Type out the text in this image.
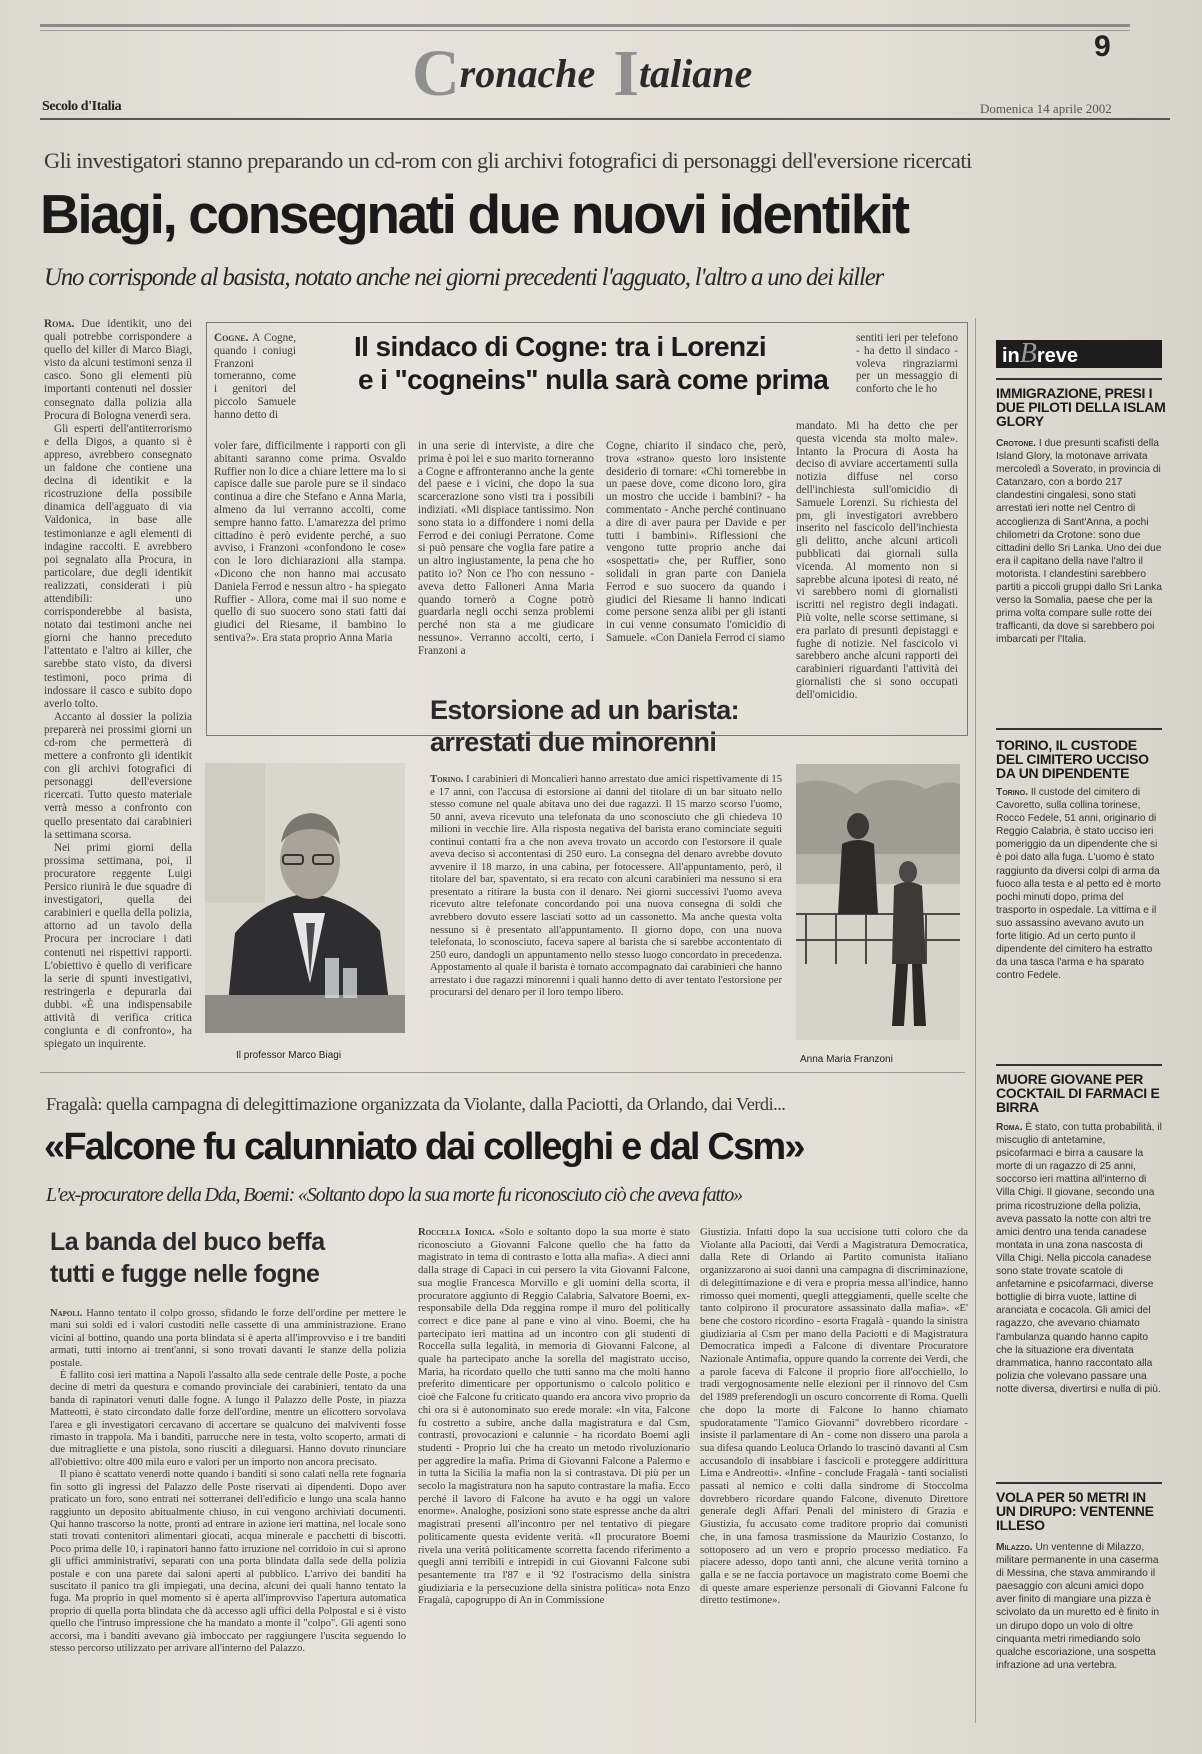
Cronache Italiane
9
Secolo d'Italia	Domenica 14 aprile 2002
Gli investigatori stanno preparando un cd-rom con gli archivi fotografici di personaggi dell'eversione ricercati
Biagi, consegnati due nuovi identikit
Uno corrisponde al basista, notato anche nei giorni precedenti l'agguato, l'altro a uno dei killer

Roma. Due identikit, uno dei quali potrebbe corrispondere a quello del killer di Marco Biagi, visto da alcuni testimoni senza il casco. Sono gli elementi più importanti contenuti nel dossier consegnato dalla polizia alla Procura di Bologna venerdì sera.

Gli esperti dell'antiterrorismo e della Digos, a quanto si è appreso, avrebbero consegnato un faldone che contiene una decina di identikit e la ricostruzione della possibile dinamica dell'agguato di via Valdonica, in base alle testimonianze e agli elementi di indagine raccolti. E avrebbero poi segnalato alla Procura, in particolare, due degli identikit realizzati, considerati i più attendibili: uno corrisponderebbe al basista, notato dai testimoni anche nei giorni che hanno preceduto l'attentato e l'altro ai killer, che sarebbe stato visto, da diversi testimoni, poco prima di indossare il casco e subito dopo averlo tolto.

Accanto al dossier la polizia preparerà nei prossimi giorni un cd-rom che permetterà di mettere a confronto gli identikit con gli archivi fotografici di personaggi dell'eversione ricercati. Tutto questo materiale verrà messo a confronto con quello presentato dai carabinieri la settimana scorsa.

Nei primi giorni della prossima settimana, poi, il procuratore reggente Luigi Persico riunirà le due squadre di investigatori, quella dei carabinieri e quella della polizia, attorno ad un tavolo della Procura per incrociare i dati contenuti nei rispettivi rapporti. L'obiettivo è quello di verificare la serie di spunti investigativi, restringerla e depurarla dai dubbi. «È una indispensabile attività di verifica critica congiunta e di confronto», ha spiegato un inquirente.

Il professor Marco Biagi

Cogne. A Cogne, quando i coniugi Franzoni torneranno, come i genitori del piccolo Samuele hanno detto di

Il sindaco di Cogne: tra i Lorenzi
e i "cogneins" nulla sarà come prima

sentiti ieri per telefono - ha detto il sindaco - voleva ringraziarmi per un messaggio di conforto che le ho

voler fare, difficilmente i rapporti con gli abitanti saranno come prima. Osvaldo Ruffier non lo dice a chiare lettere ma lo si capisce dalle sue parole pure se il sindaco continua a dire che Stefano e Anna Maria, almeno da lui verranno accolti, come sempre hanno fatto. L'amarezza del primo cittadino è però evidente perché, a suo avviso, i Franzoni «confondono le cose» con le loro dichiarazioni alla stampa. «Dicono che non hanno mai accusato Daniela Ferrod e nessun altro - ha spiegato Ruffier - Allora, come mai il suo nome e quello di suo suocero sono stati fatti dai giudici del Riesame, il bambino lo sentiva?». Era stata proprio Anna Maria

in una serie di interviste, a dire che prima è poi lei e suo marito torneranno a Cogne e affronteranno anche la gente del paese e i vicini, che dopo la sua scarcerazione sono visti tra i possibili indiziati. «Mi dispiace tantissimo. Non sono stata io a diffondere i nomi della Ferrod e dei coniugi Perratone. Come si può pensare che voglia fare patire a un altro ingiustamente, la pena che ho patito io? Non ce l'ho con nessuno - aveva detto Falloneri Anna Maria quando tornerò a Cogne potrò guardarla negli occhi senza problemi perché non sta a me giudicare nessuno». Verranno accolti, certo, i Franzoni a

Cogne, chiarito il sindaco che, però, trova «strano» questo loro insistente desiderio di tornare: «Chi tornerebbe in un paese dove, come dicono loro, gira un mostro che uccide i bambini? - ha commentato - Anche perché continuano a dire di aver paura per Davide e per tutti i bambini». Riflessioni che vengono tutte proprio anche dai «sospettati» che, per Ruffier, sono solidali in gran parte con Daniela Ferrod e suo suocero da quando i giudici del Riesame li hanno indicati come persone senza alibi per gli istanti in cui venne consumato l'omicidio di Samuele. «Con Daniela Ferrod ci siamo

mandato. Mi ha detto che per questa vicenda sta molto male». Intanto la Procura di Aosta ha deciso di avviare accertamenti sulla notizia diffuse nel corso dell'inchiesta sull'omicidio di Samuele Lorenzi. Su richiesta del pm, gli investigatori avrebbero inserito nel fascicolo dell'inchiesta gli delitto, anche alcuni articoli pubblicati dai giornali sulla vicenda. Al momento non si saprebbe alcuna ipotesi di reato, né vi sarebbero nomi di giornalisti iscritti nel registro degli indagati. Più volte, nelle scorse settimane, si era parlato di presunti depistaggi e fughe di notizie. Nel fascicolo vi sarebbero anche alcuni rapporti dei carabinieri riguardanti l'attività dei giornalisti che si sono occupati dell'omicidio.

Estorsione ad un barista:
arrestati due minorenni

Torino. I carabinieri di Moncalieri hanno arrestato due amici rispettivamente di 15 e 17 anni, con l'accusa di estorsione ai danni del titolare di un bar situato nello stesso comune nel quale abitava uno dei due ragazzi. Il 15 marzo scorso l'uomo, 50 anni, aveva ricevuto una telefonata da uno sconosciuto che gli chiedeva 10 milioni in vecchie lire. Alla risposta negativa del barista erano cominciate seguiti continui contatti fra a che non aveva trovato un accordo con l'estorsore il quale aveva deciso si accontentasi di 250 euro. La consegna del denaro avrebbe dovuto avvenire il 18 marzo, in una cabina, per fotocessere. All'appuntamento, però, il titolare del bar, spaventato, si era recato con alcuni carabinieri ma nessuno si era presentato a ritirare la busta con il denaro. Nei giorni successivi l'uomo aveva ricevuto altre telefonate concordando poi una nuova consegna di soldi che avrebbero dovuto essere lasciati sotto ad un cassonetto. Ma anche questa volta nessuno si è presentato all'appuntamento. Il giorno dopo, con una nuova telefonata, lo sconosciuto, faceva sapere al barista che si sarebbe accontentato di 250 euro, dandogli un appuntamento nello stesso luogo concordato in precedenza. Appostamento al quale il barista è tornato accompagnato dai carabinieri che hanno arrestato i due ragazzi minorenni i quali hanno detto di aver tentato l'estorsione per procurarsi del denaro per il loro tempo libero.

Anna Maria Franzoni
inBreve
IMMIGRAZIONE, PRESI I DUE PILOTI DELLA ISLAM GLORY
Crotone. I due presunti scafisti della Island Glory, la motonave arrivata mercoledì a Soverato, in provincia di Catanzaro, con a bordo 217 clandestini cingalesi, sono stati arrestati ieri notte nel Centro di accoglienza di Sant'Anna, a pochi chilometri da Crotone: sono due cittadini dello Sri Lanka. Uno dei due era il capitano della nave l'altro il motorista. I clandestini sarebbero partiti a piccoli gruppi dallo Sri Lanka verso la Somalia, paese che per la prima volta compare sulle rotte dei trafficanti, da dove si sarebbero poi imbarcati per l'Italia.
TORINO, IL CUSTODE DEL CIMITERO UCCISO DA UN DIPENDENTE
Torino. Il custode del cimitero di Cavoretto, sulla collina torinese, Rocco Fedele, 51 anni, originario di Reggio Calabria, è stato ucciso ieri pomeriggio da un dipendente che si è poi dato alla fuga. L'uomo è stato raggiunto da diversi colpi di arma da fuoco alla testa e al petto ed è morto pochi minuti dopo, prima del trasporto in ospedale. La vittima e il suo assassino avevano avuto un forte litigio. Ad un certo punto il dipendente del cimitero ha estratto da una tasca l'arma e ha sparato contro Fedele.
MUORE GIOVANE PER COCKTAIL DI FARMACI E BIRRA
Roma. È stato, con tutta probabilità, il miscuglio di antetamine, psicofarmaci e birra a causare la morte di un ragazzo di 25 anni, soccorso ieri mattina all'interno di Villa Chigi. Il giovane, secondo una prima ricostruzione della polizia, aveva passato la notte con altri tre amici dentro una tenda canadese montata in una zona nascosta di Villa Chigi. Nella piccola canadese sono state trovate scatole di anfetamine e psicofarmaci, diverse bottiglie di birra vuote, lattine di aranciata e cocacola. Gli amici del ragazzo, che avevano chiamato l'ambulanza quando hanno capito che la situazione era diventata drammatica, hanno raccontato alla polizia che volevano passare una notte diversa, divertirsi e nulla di più.
VOLA PER 50 METRI IN UN DIRUPO: VENTENNE ILLESO
Milazzo. Un ventenne di Milazzo, militare permanente in una caserma di Messina, che stava ammirando il paesaggio con alcuni amici dopo aver finito di mangiare una pizza è scivolato da un muretto ed è finito in un dirupo dopo un volo di oltre cinquanta metri rimediando solo qualche escoriazione, una sospetta infrazione ad una vertebra.
Fragalà: quella campagna di delegittimazione organizzata da Violante, dalla Paciotti, da Orlando, dai Verdi...
«Falcone fu calunniato dai colleghi e dal Csm»
L'ex-procuratore della Dda, Boemi: «Soltanto dopo la sua morte fu riconosciuto ciò che aveva fatto»

Roccella Ionica. «Solo e soltanto dopo la sua morte è stato riconosciuto a Giovanni Falcone quello che ha fatto da magistrato in tema di contrasto e lotta alla mafia». A dieci anni dalla strage di Capaci in cui persero la vita Giovanni Falcone, sua moglie Francesca Morvillo e gli uomini della scorta, il procuratore aggiunto di Reggio Calabria, Salvatore Boemi, ex-responsabile della Dda reggina rompe il muro del politically correct e dice pane al pane e vino al vino. Boemi, che ha partecipato ieri mattina ad un incontro con gli studenti di Roccella sulla legalità, in memoria di Giovanni Falcone, al quale ha partecipato anche la sorella del magistrato ucciso, Maria, ha ricordato quello che tutti sanno ma che molti hanno preferito dimenticare per opportunismo o calcolo politico e cioè che Falcone fu criticato quando era ancora vivo proprio da chi ora si è autonominato suo erede morale: «In vita, Falcone fu costretto a subire, anche dalla magistratura e dal Csm, contrasti, provocazioni e calunnie - ha ricordato Boemi agli studenti - Proprio lui che ha creato un metodo rivoluzionario per aggredire la mafia. Prima di Giovanni Falcone a Palermo e in tutta la Sicilia la mafia non la si contrastava. Di più per un secolo la magistratura non ha saputo contrastare la mafia. Ecco perché il lavoro di Falcone ha avuto e ha oggi un valore enorme». Analoghe, posizioni sono state espresse anche da altri magistrati presenti all'incontro per nel tentativo di piegare politicamente questa evidente verità. «Il procuratore Boemi rivela una verità politicamente scorretta facendo riferimento a quegli anni terribili e intrepidi in cui Giovanni Falcone subì pesantemente tra l'87 e il '92 l'ostracismo della sinistra giudiziaria e la persecuzione della sinistra politica» nota Enzo Fragalà, capogruppo di An in Commissione

Giustizia. Infatti dopo la sua uccisione tutti coloro che da Violante alla Paciotti, dai Verdi a Magistratura Democratica, dalla Rete di Orlando ai Partito comunista italiano organizzarono ai suoi danni una campagna di discriminazione, di delegittimazione e di vera e propria messa all'indice, hanno rimosso quei momenti, quegli atteggiamenti, quelle scelte che tanto colpirono il procuratore assassinato dalla mafia». «E' bene che costoro ricordino - esorta Fragalà - quando la sinistra giudiziaria al Csm per mano della Paciotti e di Magistratura Democratica impedì a Falcone di diventare Procuratore Nazionale Antimafia, oppure quando la corrente dei Verdi, che a parole faceva di Falcone il proprio fiore all'occhiello, lo tradì vergognosamente nelle elezioni per il rinnovo del Csm del 1989 preferendogli un oscuro concorrente di Roma. Quelli che dopo la morte di Falcone lo hanno chiamato spudoratamente "l'amico Giovanni" dovrebbero ricordare - insiste il parlamentare di An - come non dissero una parola a sua difesa quando Leoluca Orlando lo trascinò davanti al Csm accusandolo di insabbiare i fascicoli e proteggere addirittura Lima e Andreotti». «Infine - conclude Fragalà - tanti socialisti passati al nemico e colti dalla sindrome di Stoccolma dovrebbero ricordare quando Falcone, divenuto Direttore generale degli Affari Penali del ministero di Grazia e Giustizia, fu accusato come traditore proprio dai comunisti che, in una famosa trasmissione da Maurizio Costanzo, lo sottoposero ad un vero e proprio processo mediatico. Fa piacere adesso, dopo tanti anni, che alcune verità tornino a galla e se ne faccia portavoce un magistrato come Boemi che di queste amare esperienze personali di Giovanni Falcone fu diretto testimone».

La banda del buco beffa
tutti e fugge nelle fogne

Napoli. Hanno tentato il colpo grosso, sfidando le forze dell'ordine per mettere le mani sui soldi ed i valori custoditi nelle cassette di una amministrazione. Erano vicini al bottino, quando una porta blindata si è aperta all'improvviso e i tre banditi armati, tutti intorno ai trent'anni, si sono trovati davanti le stanze della polizia postale.

È fallito così ieri mattina a Napoli l'assalto alla sede centrale delle Poste, a poche decine di metri da questura e comando provinciale dei carabinieri, tentato da una banda di rapinatori venuti dalle fogne. A lungo il Palazzo delle Poste, in piazza Matteotti, è stato circondato dalle forze dell'ordine, mentre un elicottero sorvolava l'area e gli investigatori cercavano di accertare se qualcuno dei malviventi fosse rimasto in trappola. Ma i banditi, parrucche nere in testa, volto scoperto, armati di due mitragliette e una pistola, sono riusciti a dileguarsi. Hanno dovuto rinunciare all'obiettivo: oltre 400 mila euro e valori per un importo non ancora precisato.

Il piano è scattato venerdì notte quando i banditi si sono calati nella rete fognaria fin sotto gli ingressi del Palazzo delle Poste riservati ai dipendenti. Dopo aver praticato un foro, sono entrati nei sotterranei dell'edificio e lungo una scala hanno raggiunto un deposito abitualmente chiuso, in cui vengono archiviati documenti. Qui hanno trascorso la notte, pronti ad entrare in azione ieri mattina, nel locale sono stati trovati contenitori alimentari giocati, acqua minerale e pacchetti di biscotti. Poco prima delle 10, i rapinatori hanno fatto irruzione nel corridoio in cui si aprono gli uffici amministrativi, separati con una porta blindata dalla sede della polizia postale e con una parete dai saloni aperti al pubblico. L'arrivo dei banditi ha suscitato il panico tra gli impiegati, una decina, alcuni dei quali hanno tentato la fuga. Ma proprio in quel momento si è aperta all'improvviso l'apertura automatica proprio di quella porta blindata che dà accesso agli uffici della Polpostal e si è visto quello che l'intruso impressione che ha mandato a monte il "colpo". Gli agenti sono accorsi, ma i banditi avevano già imboccato per raggiungere l'uscita seguendo lo stesso percorso utilizzato per arrivare all'interno del Palazzo.
